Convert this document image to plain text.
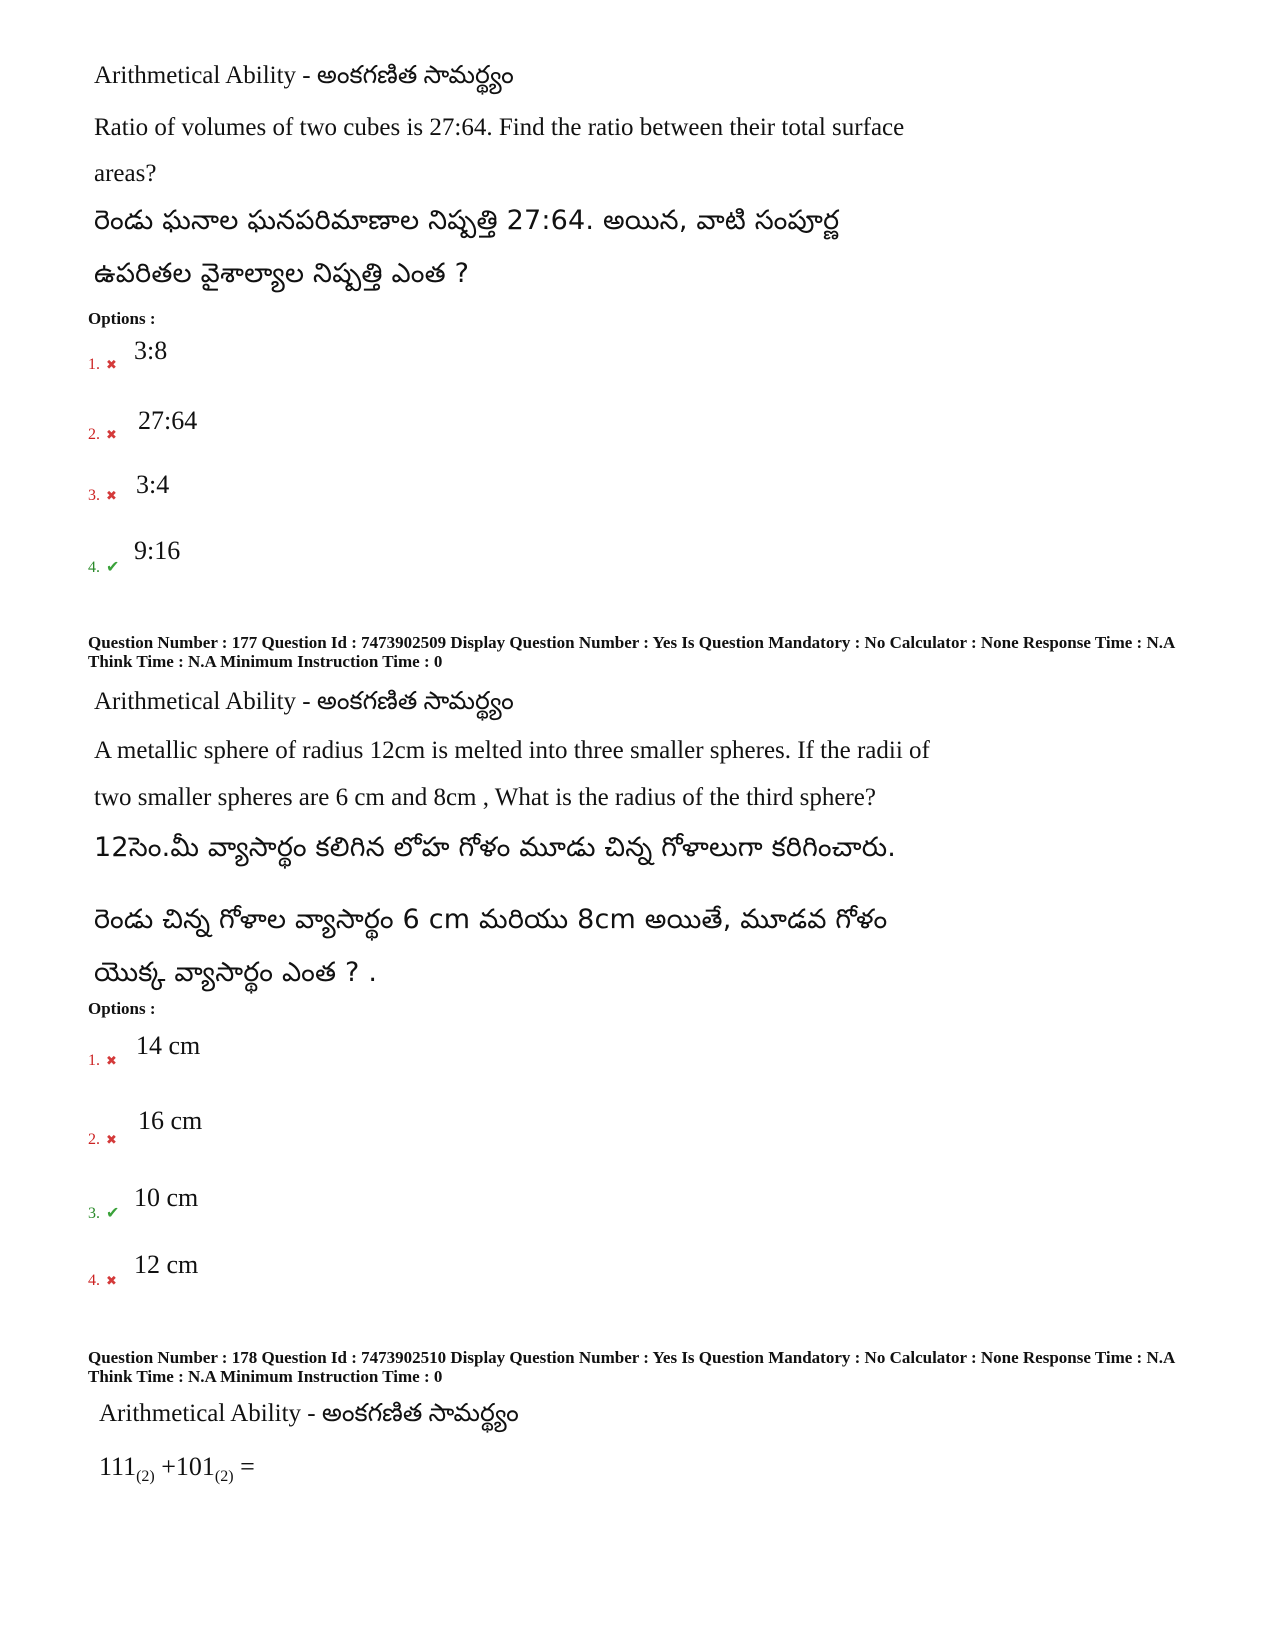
Arithmetical Ability - అంకగణిత సామర్థ్యం
Ratio of volumes of two cubes is 27:64. Find the ratio between their total surface
areas?
రెండు ఘనాల ఘనపరిమాణాల నిష్పత్తి 27:64. అయిన, వాటి సంపూర్ణ
ఉపరితల వైశాల్యాల నిష్పత్తి ఎంత ?
Options :
1. ✖ 3:8
2. ✖ 27:64
3. ✖ 3:4
4. ✔
9:16
Question Number : 177 Question Id : 7473902509 Display Question Number : Yes Is Question Mandatory : No Calculator : None Response Time : N.A Think Time : N.A Minimum Instruction Time : 0
Arithmetical Ability - అంకగణిత సామర్థ్యం
A metallic sphere of radius 12cm is melted into three smaller spheres. If the radii of
two smaller spheres are 6 cm and 8cm , What is the radius of the third sphere?
12సెం.మీ వ్యాసార్థం కలిగిన లోహ గోళం మూడు చిన్న గోళాలుగా కరిగించారు.
రెండు చిన్న గోళాల వ్యాసార్థం 6 cm మరియు 8cm అయితే, మూడవ గోళం
యొక్క వ్యాసార్థం ఎంత ? .
Options :
1. ✖
14 cm
2. ✖
16 cm
3. ✔
10 cm
4. ✖
12 cm
Question Number : 178 Question Id : 7473902510 Display Question Number : Yes Is Question Mandatory : No Calculator : None Response Time : N.A Think Time : N.A Minimum Instruction Time : 0
Arithmetical Ability - అంకగణిత సామర్థ్యం
$111_{(2)} +101_{(2)}$ =
